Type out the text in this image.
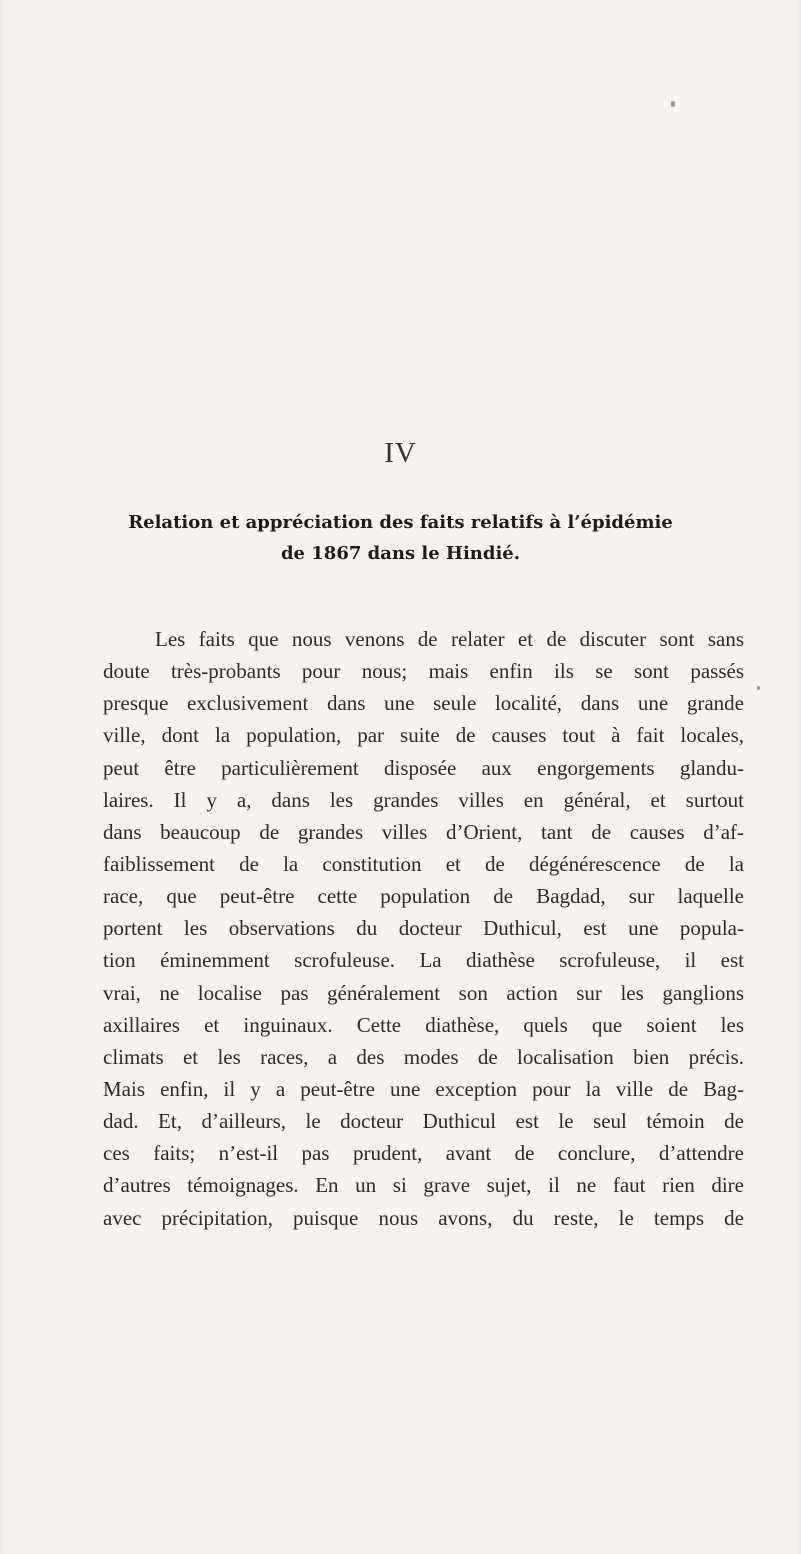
IV
Relation et appréciation des faits relatifs à l’épidémie
de 1867 dans le Hindié.
Les faits que nous venons de relater et de discuter sont sans
doute très-probants pour nous; mais enfin ils se sont passés
presque exclusivement dans une seule localité, dans une grande
ville, dont la population, par suite de causes tout à fait locales,
peut être particulièrement disposée aux engorgements glandu-
laires. Il y a, dans les grandes villes en général, et surtout
dans beaucoup de grandes villes d’Orient, tant de causes d’af-
faiblissement de la constitution et de dégénérescence de la
race, que peut-être cette population de Bagdad, sur laquelle
portent les observations du docteur Duthicul, est une popula-
tion éminemment scrofuleuse. La diathèse scrofuleuse, il est
vrai, ne localise pas généralement son action sur les ganglions
axillaires et inguinaux. Cette diathèse, quels que soient les
climats et les races, a des modes de localisation bien précis.
Mais enfin, il y a peut-être une exception pour la ville de Bag-
dad. Et, d’ailleurs, le docteur Duthicul est le seul témoin de
ces faits; n’est-il pas prudent, avant de conclure, d’attendre
d’autres témoignages. En un si grave sujet, il ne faut rien dire
avec précipitation, puisque nous avons, du reste, le temps de
